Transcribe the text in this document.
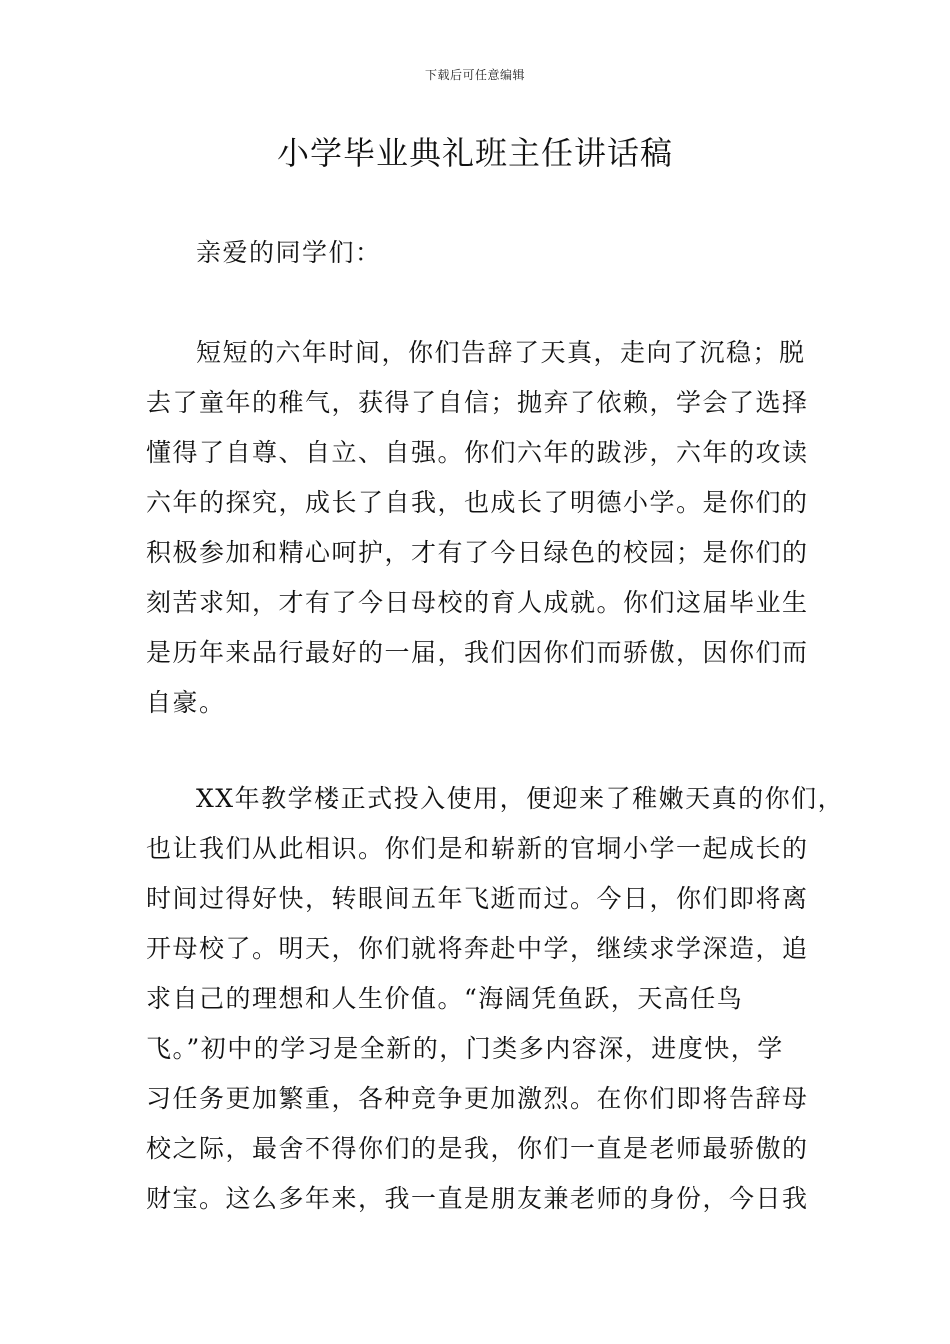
下载后可任意编辑
小学毕业典礼班主任讲话稿
亲爱的同学们：
短短的六年时间，你们告辞了天真，走向了沉稳；脱
去了童年的稚气，获得了自信；抛弃了依赖，学会了选择
懂得了自尊、自立、自强。你们六年的跋涉，六年的攻读
六年的探究，成长了自我，也成长了明德小学。是你们的
积极参加和精心呵护，才有了今日绿色的校园；是你们的
刻苦求知，才有了今日母校的育人成就。你们这届毕业生
是历年来品行最好的一届，我们因你们而骄傲，因你们而
自豪。
XX年教学楼正式投入使用，便迎来了稚嫩天真的你们，
也让我们从此相识。你们是和崭新的官垌小学一起成长的
时间过得好快，转眼间五年飞逝而过。今日，你们即将离
开母校了。明天，你们就将奔赴中学，继续求学深造，追
求自己的理想和人生价值。“海阔凭鱼跃，天高任鸟
飞。”初中的学习是全新的，门类多内容深，进度快，学
习任务更加繁重，各种竞争更加激烈。在你们即将告辞母
校之际，最舍不得你们的是我，你们一直是老师最骄傲的
财宝。这么多年来，我一直是朋友兼老师的身份，今日我
